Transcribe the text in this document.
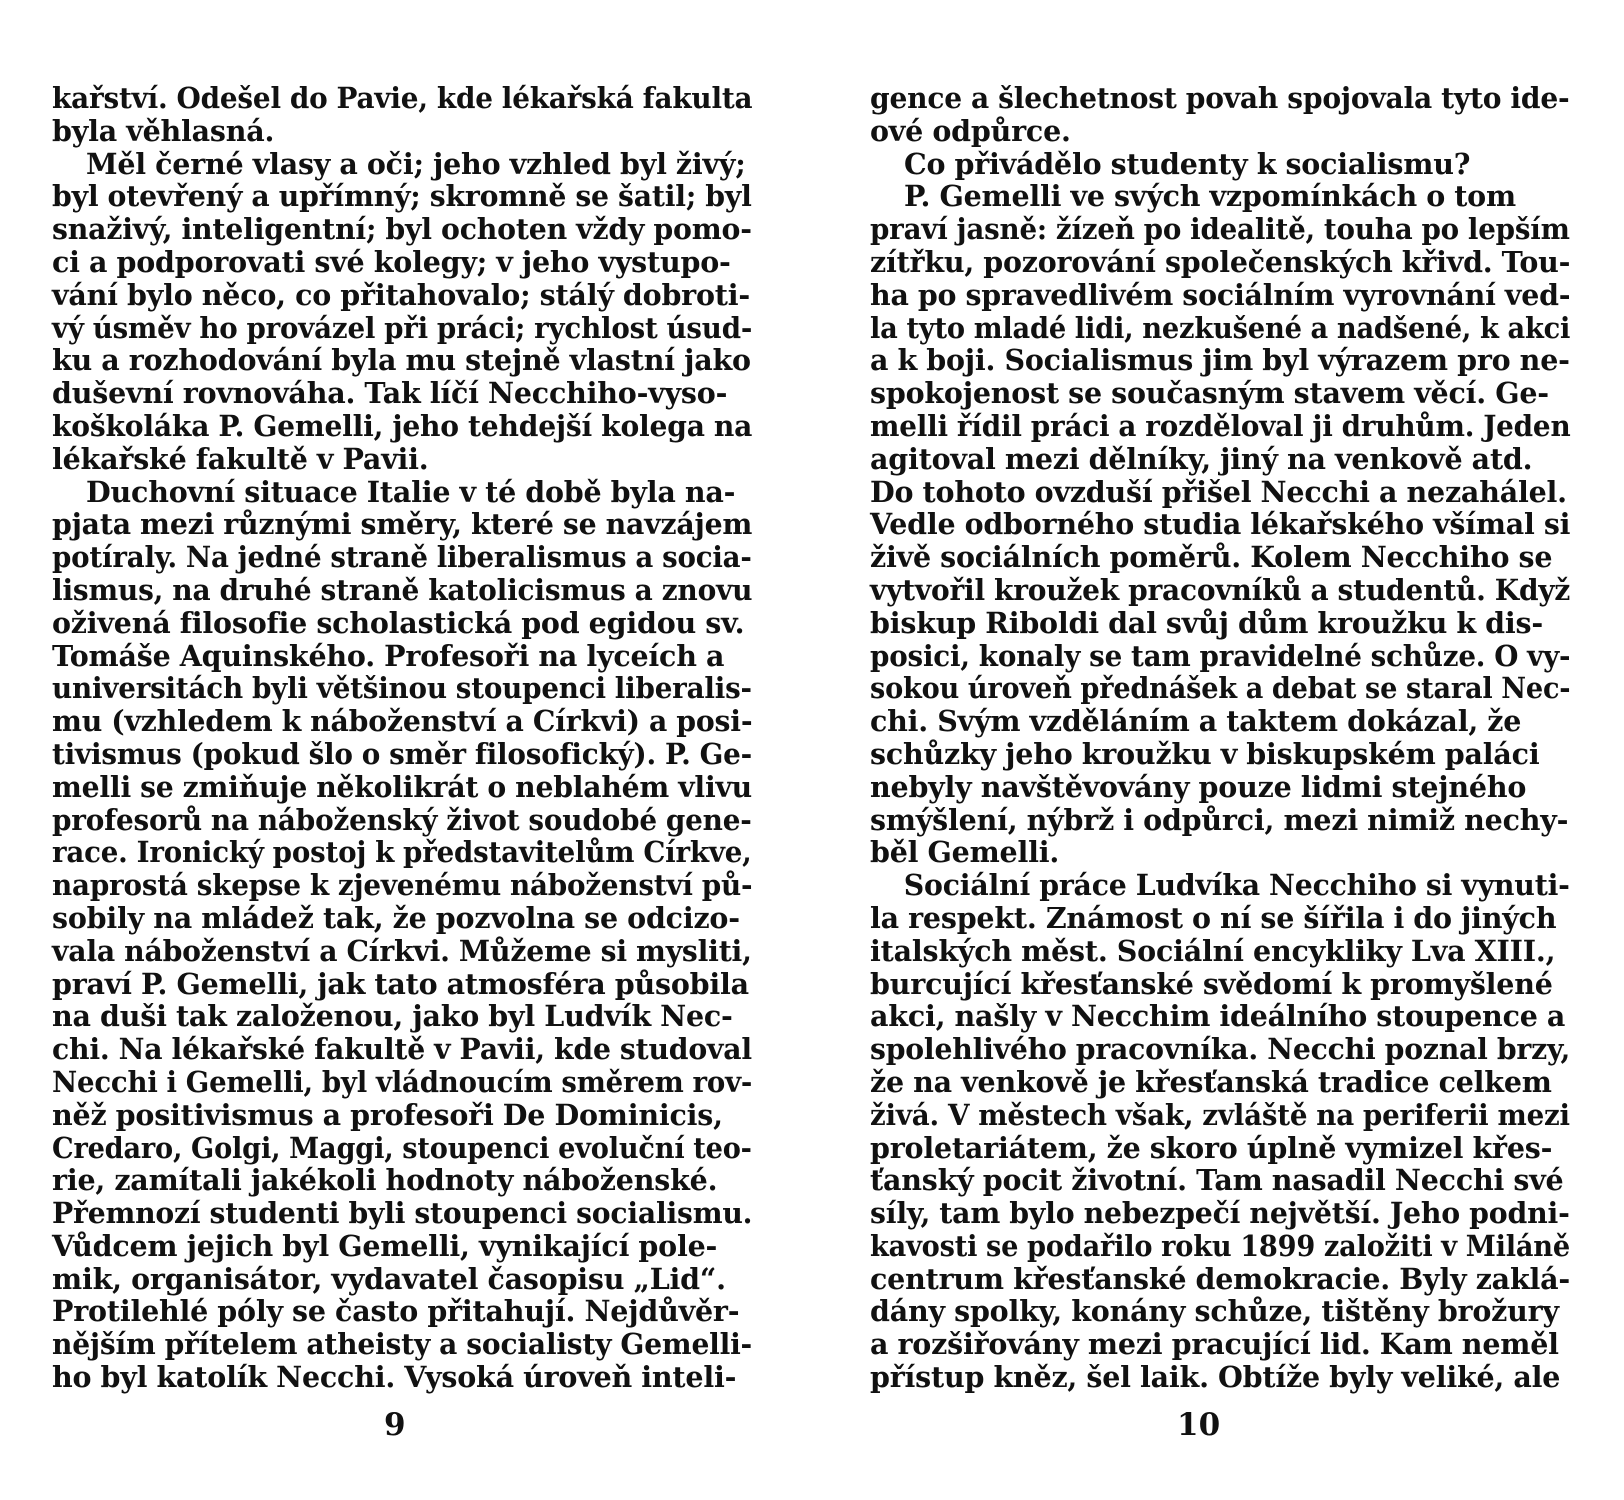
kařství. Odešel do Pavie, kde lékařská fakulta
byla věhlasná.
Měl černé vlasy a oči; jeho vzhled byl živý;
byl otevřený a upřímný; skromně se šatil; byl
snaživý, inteligentní; byl ochoten vždy pomo-
ci a podporovati své kolegy; v jeho vystupo-
vání bylo něco, co přitahovalo; stálý dobroti-
vý úsměv ho provázel při práci; rychlost úsud-
ku a rozhodování byla mu stejně vlastní jako
duševní rovnováha. Tak líčí Necchiho-vyso-
koškoláka P. Gemelli, jeho tehdejší kolega na
lékařské fakultě v Pavii.
Duchovní situace Italie v té době byla na-
pjata mezi různými směry, které se navzájem
potíraly. Na jedné straně liberalismus a socia-
lismus, na druhé straně katolicismus a znovu
oživená filosofie scholastická pod egidou sv.
Tomáše Aquinského. Profesoři na lyceích a
universitách byli většinou stoupenci liberalis-
mu (vzhledem k náboženství a Církvi) a posi-
tivismus (pokud šlo o směr filosofický). P. Ge-
melli se zmiňuje několikrát o neblahém vlivu
profesorů na náboženský život soudobé gene-
race. Ironický postoj k představitelům Církve,
naprostá skepse k zjevenému náboženství pů-
sobily na mládež tak, že pozvolna se odcizo-
vala náboženství a Církvi. Můžeme si mysliti,
praví P. Gemelli, jak tato atmosféra působila
na duši tak založenou, jako byl Ludvík Nec-
chi. Na lékařské fakultě v Pavii, kde studoval
Necchi i Gemelli, byl vládnoucím směrem rov-
něž positivismus a profesoři De Dominicis,
Credaro, Golgi, Maggi, stoupenci evoluční teo-
rie, zamítali jakékoli hodnoty náboženské.
Přemnozí studenti byli stoupenci socialismu.
Vůdcem jejich byl Gemelli, vynikající pole-
mik, organisátor, vydavatel časopisu „Lid“.
Protilehlé póly se často přitahují. Nejdůvěr-
nějším přítelem atheisty a socialisty Gemelli-
ho byl katolík Necchi. Vysoká úroveň inteli-
gence a šlechetnost povah spojovala tyto ide-
ové odpůrce.
Co přivádělo studenty k socialismu?
P. Gemelli ve svých vzpomínkách o tom
praví jasně: žízeň po idealitě, touha po lepším
zítřku, pozorování společenských křivd. Tou-
ha po spravedlivém sociálním vyrovnání ved-
la tyto mladé lidi, nezkušené a nadšené, k akci
a k boji. Socialismus jim byl výrazem pro ne-
spokojenost se současným stavem věcí. Ge-
melli řídil práci a rozděloval ji druhům. Jeden
agitoval mezi dělníky, jiný na venkově atd.
Do tohoto ovzduší přišel Necchi a nezahálel.
Vedle odborného studia lékařského všímal si
živě sociálních poměrů. Kolem Necchiho se
vytvořil kroužek pracovníků a studentů. Když
biskup Riboldi dal svůj dům kroužku k dis-
posici, konaly se tam pravidelné schůze. O vy-
sokou úroveň přednášek a debat se staral Nec-
chi. Svým vzděláním a taktem dokázal, že
schůzky jeho kroužku v biskupském paláci
nebyly navštěvovány pouze lidmi stejného
smýšlení, nýbrž i odpůrci, mezi nimiž nechy-
běl Gemelli.
Sociální práce Ludvíka Necchiho si vynuti-
la respekt. Známost o ní se šířila i do jiných
italských měst. Sociální encykliky Lva XIII.,
burcující křesťanské svědomí k promyšlené
akci, našly v Necchim ideálního stoupence a
spolehlivého pracovníka. Necchi poznal brzy,
že na venkově je křesťanská tradice celkem
živá. V městech však, zvláště na periferii mezi
proletariátem, že skoro úplně vymizel křes-
ťanský pocit životní. Tam nasadil Necchi své
síly, tam bylo nebezpečí největší. Jeho podni-
kavosti se podařilo roku 1899 založiti v Miláně
centrum křesťanské demokracie. Byly zaklá-
dány spolky, konány schůze, tištěny brožury
a rozšiřovány mezi pracující lid. Kam neměl
přístup kněz, šel laik. Obtíže byly veliké, ale
9	10
